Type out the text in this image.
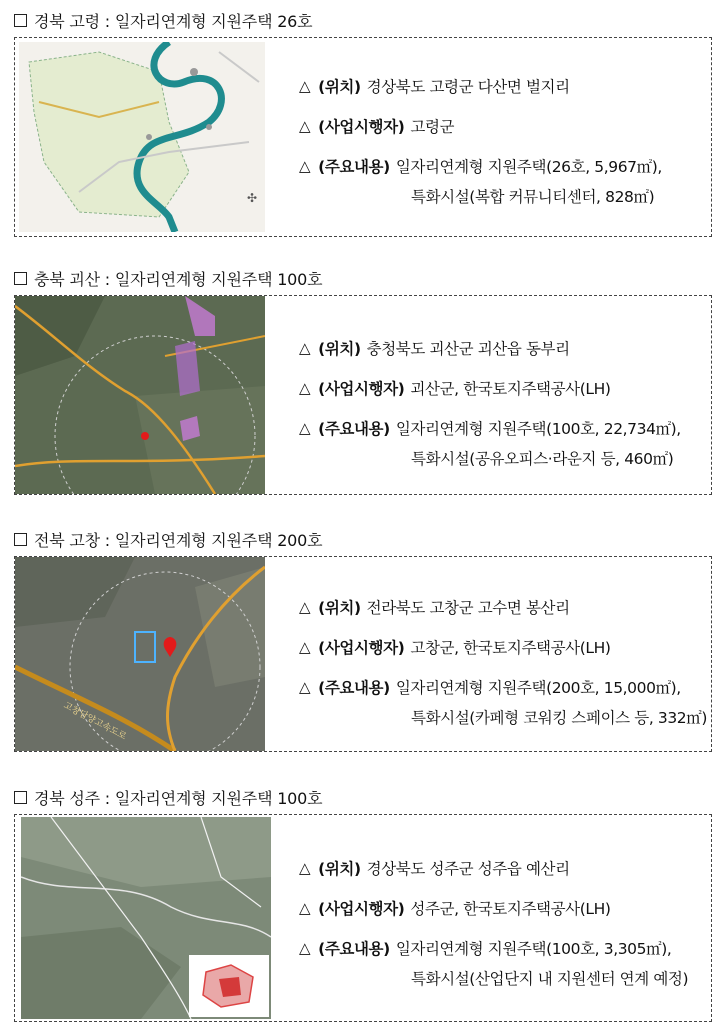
경북 고령 : 일자리연계형 지원주택 26호
✣
△ (위치) 경상북도 고령군 다산면 벌지리
△ (사업시행자) 고령군
△ (주요내용) 일자리연계형 지원주택(26호, 5,967㎡),
특화시설(복합 커뮤니티센터, 828㎡)
충북 괴산 : 일자리연계형 지원주택 100호
△ (위치) 충청북도 괴산군 괴산읍 동부리
△ (사업시행자) 괴산군, 한국토지주택공사(LH)
△ (주요내용) 일자리연계형 지원주택(100호, 22,734㎡),
특화시설(공유오피스·라운지 등, 460㎡)
전북 고창 : 일자리연계형 지원주택 200호
고창담양고속도로
△ (위치) 전라북도 고창군 고수면 봉산리
△ (사업시행자) 고창군, 한국토지주택공사(LH)
△ (주요내용) 일자리연계형 지원주택(200호, 15,000㎡),
특화시설(카페형 코워킹 스페이스 등, 332㎡)
경북 성주 : 일자리연계형 지원주택 100호
△ (위치) 경상북도 성주군 성주읍 예산리
△ (사업시행자) 성주군, 한국토지주택공사(LH)
△ (주요내용) 일자리연계형 지원주택(100호, 3,305㎡),
특화시설(산업단지 내 지원센터 연계 예정)
